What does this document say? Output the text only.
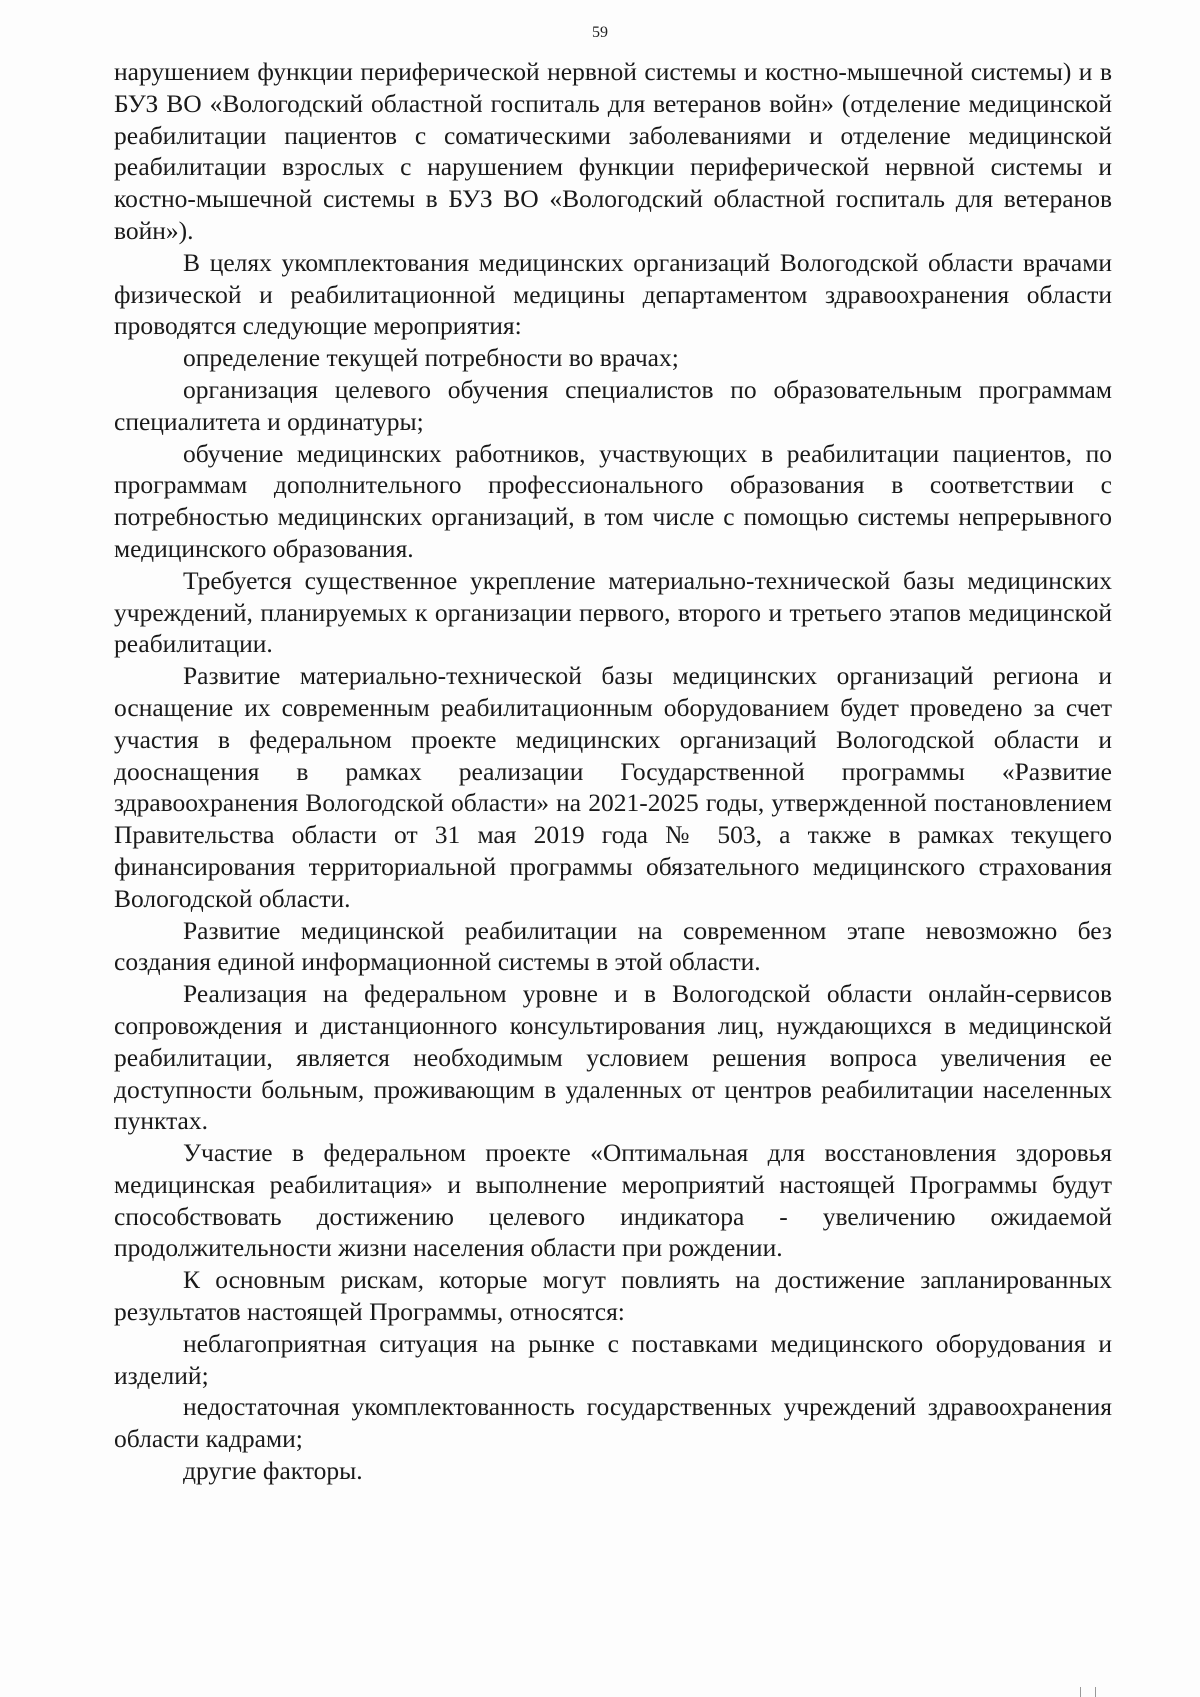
59

нарушением функции периферической нервной системы и костно-мышечной системы) и в БУЗ ВО «Вологодский областной госпиталь для ветеранов войн» (отделение медицинской реабилитации пациентов с соматическими заболеваниями и отделение медицинской реабилитации взрослых с нарушением функции периферической нервной системы и костно-мышечной системы в БУЗ ВО «Вологодский областной госпиталь для ветеранов войн»).

В целях укомплектования медицинских организаций Вологодской области врачами физической и реабилитационной медицины департаментом здравоохранения области проводятся следующие мероприятия:

определение текущей потребности во врачах;

организация целевого обучения специалистов по образовательным программам специалитета и ординатуры;

обучение медицинских работников, участвующих в реабилитации пациентов, по программам дополнительного профессионального образования в соответствии с потребностью медицинских организаций, в том числе с помощью системы непрерывного медицинского образования.

Требуется существенное укрепление материально-технической базы медицинских учреждений, планируемых к организации первого, второго и третьего этапов медицинской реабилитации.

Развитие материально-технической базы медицинских организаций региона и оснащение их современным реабилитационным оборудованием будет проведено за счет участия в федеральном проекте медицинских организаций Вологодской области и дооснащения в рамках реализации Государственной программы «Развитие здравоохранения Вологодской области» на 2021-2025 годы, утвержденной постановлением Правительства области от 31 мая 2019 года № 503, а также в рамках текущего финансирования территориальной программы обязательного медицинского страхования Вологодской области.

Развитие медицинской реабилитации на современном этапе невозможно без создания единой информационной системы в этой области.

Реализация на федеральном уровне и в Вологодской области онлайн-сервисов сопровождения и дистанционного консультирования лиц, нуждающихся в медицинской реабилитации, является необходимым условием решения вопроса увеличения ее доступности больным, проживающим в удаленных от центров реабилитации населенных пунктах.

Участие в федеральном проекте «Оптимальная для восстановления здоровья медицинская реабилитация» и выполнение мероприятий настоящей Программы будут способствовать достижению целевого индикатора - увеличению ожидаемой продолжительности жизни населения области при рождении.

К основным рискам, которые могут повлиять на достижение запланированных результатов настоящей Программы, относятся:

неблагоприятная ситуация на рынке с поставками медицинского оборудования и изделий;

недостаточная укомплектованность государственных учреждений здравоохранения области кадрами;

другие факторы.
